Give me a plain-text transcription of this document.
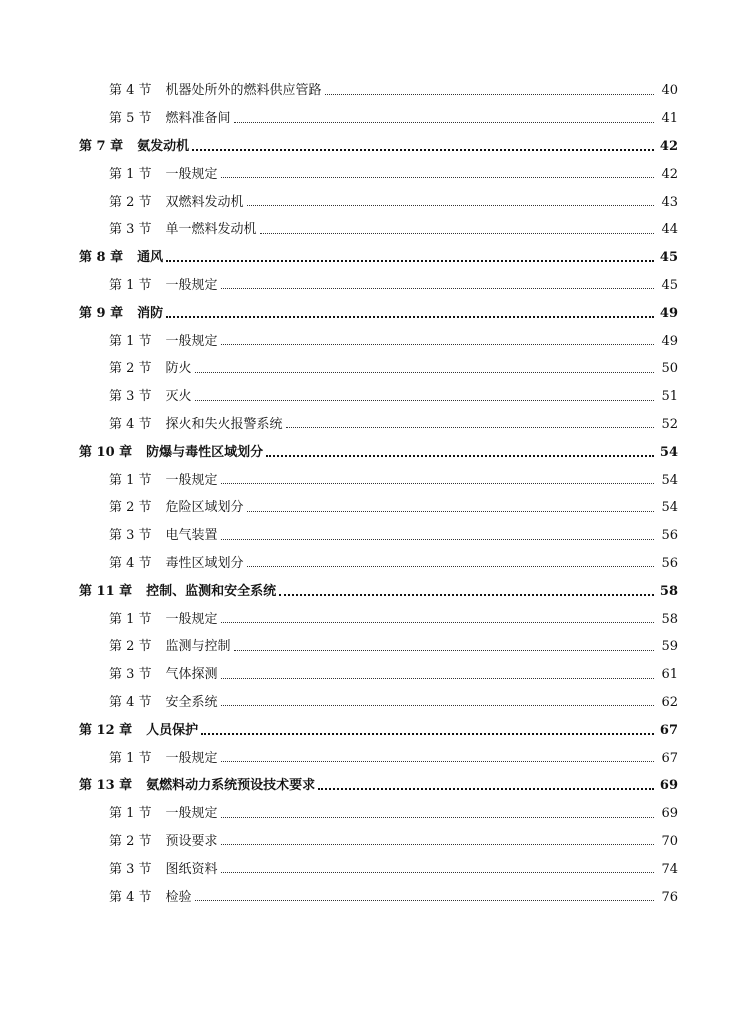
第 4 节 机器处所外的燃料供应管路	40
第 5 节 燃料准备间	41
第 7 章 氨发动机	42
第 1 节 一般规定	42
第 2 节 双燃料发动机	43
第 3 节 单一燃料发动机	44
第 8 章 通风	45
第 1 节 一般规定	45
第 9 章 消防	49
第 1 节 一般规定	49
第 2 节 防火	50
第 3 节 灭火	51
第 4 节 探火和失火报警系统	52
第 10 章 防爆与毒性区域划分	54
第 1 节 一般规定	54
第 2 节 危险区域划分	54
第 3 节 电气装置	56
第 4 节 毒性区域划分	56
第 11 章 控制、监测和安全系统	58
第 1 节 一般规定	58
第 2 节 监测与控制	59
第 3 节 气体探测	61
第 4 节 安全系统	62
第 12 章 人员保护	67
第 1 节 一般规定	67
第 13 章 氨燃料动力系统预设技术要求	69
第 1 节 一般规定	69
第 2 节 预设要求	70
第 3 节 图纸资料	74
第 4 节 检验	76
